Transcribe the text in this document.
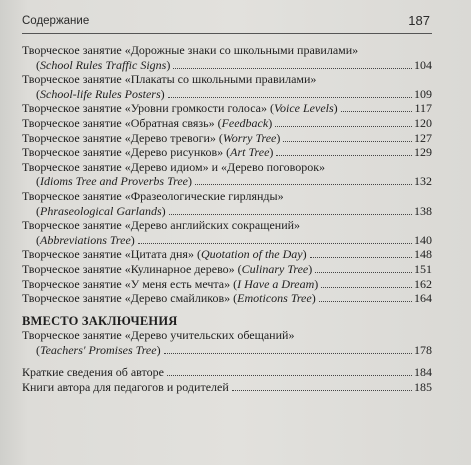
Содержание	187
Творческое занятие «Дорожные знаки со школьными правилами»
( School Rules Traffic Signs )	104
Творческое занятие «Плакаты со школьными правилами»
( School-life Rules Posters )	109
Творческое занятие «Уровни громкости голоса» ( Voice Levels )	117
Творческое занятие «Обратная связь» ( Feedback )	120
Творческое занятие «Дерево тревоги» ( Worry Tree )	127
Творческое занятие «Дерево рисунков» ( Art Tree )	129
Творческое занятие «Дерево идиом» и «Дерево поговорок»
( Idioms Tree and Proverbs Tree )	132
Творческое занятие «Фразеологические гирлянды»
( Phraseological Garlands )	138
Творческое занятие «Дерево английских сокращений»
( Abbreviations Tree )	140
Творческое занятие «Цитата дня» ( Quotation of the Day )	148
Творческое занятие «Кулинарное дерево» ( Culinary Tree )	151
Творческое занятие «У меня есть мечта» ( I Have a Dream )	162
Творческое занятие «Дерево смайликов» ( Emoticons Tree )	164
ВМЕСТО ЗАКЛЮЧЕНИЯ
Творческое занятие «Дерево учительских обещаний»
( Teachers' Promises Tree )	178
Краткие сведения об авторе	184
Книги автора для педагогов и родителей	185
